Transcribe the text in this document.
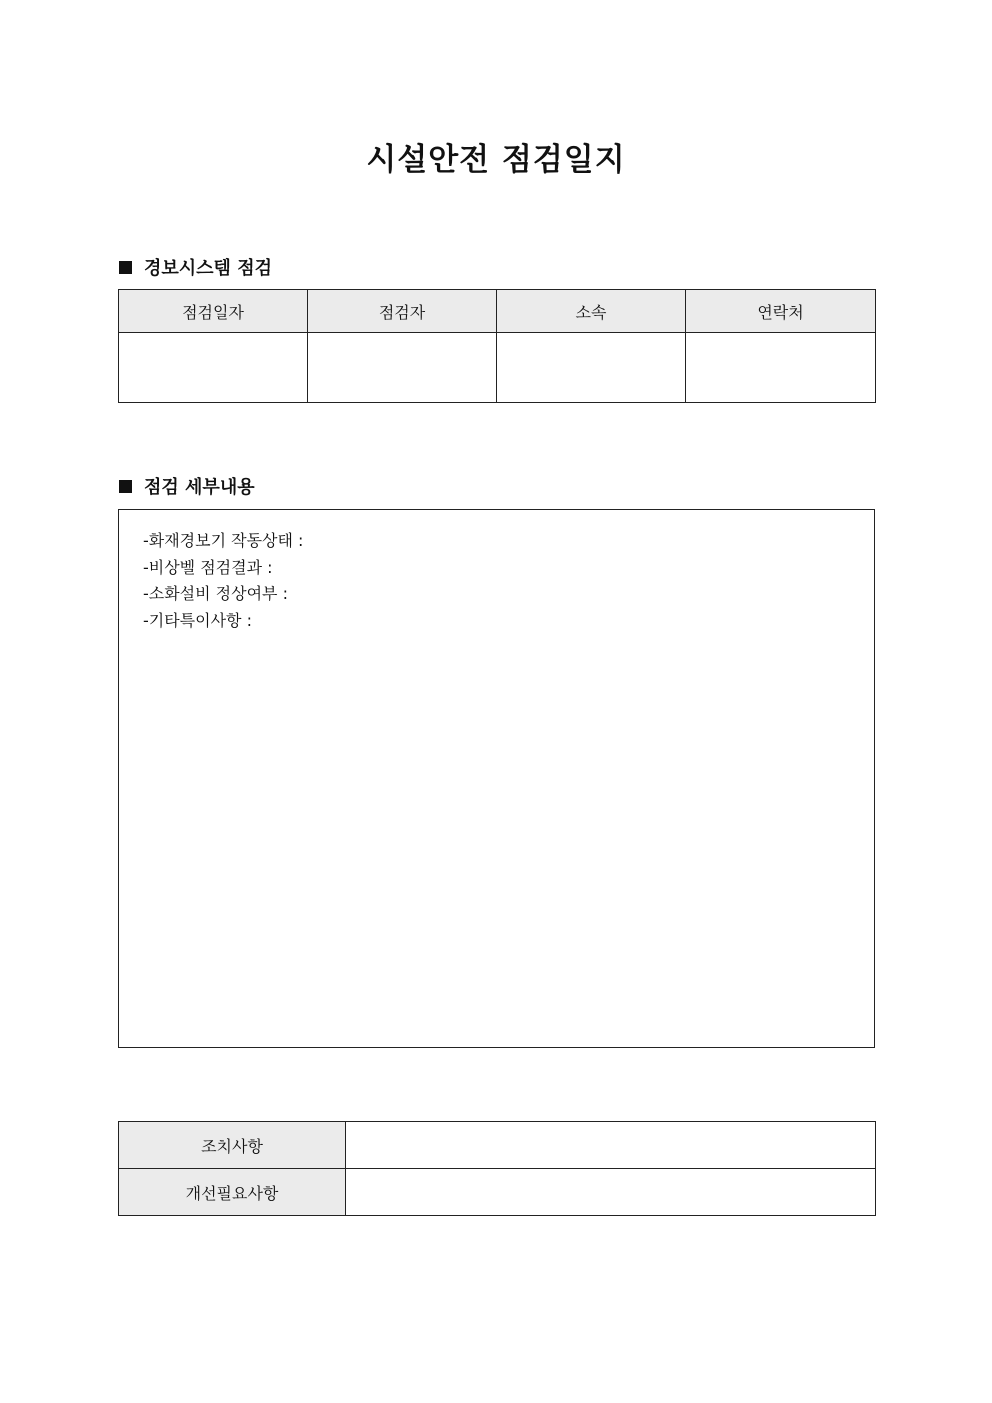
시설안전 점검일지
경보시스템 점검
점검일자	점검자	소속	연락처

점검 세부내용
-화재경보기 작동상태 :
-비상벨 점검결과 :
-소화설비 정상여부 :
-기타특이사항 :
조치사항	
개선필요사항	
